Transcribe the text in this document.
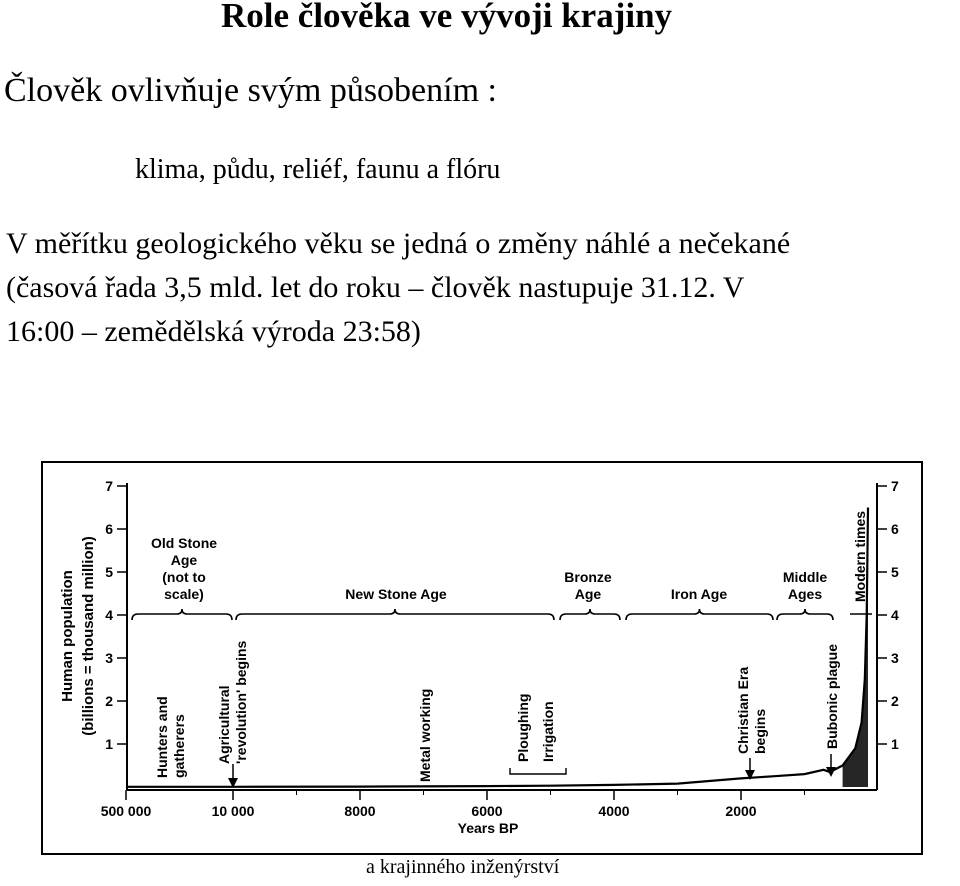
Role člověka ve vývoji krajiny
Člověk ovlivňuje svým působením :
klima, půdu, reliéf, faunu a flóru
V měřítku geologického věku se jedná o změny náhlé a nečekané
(časová řada 3,5 mld. let do roku – člověk nastupuje 31.12. V
16:00 – zemědělská výroda 23:58)
1	1
2	2
3	3
4	4
5	5
6	6
7	7
500 000	10 000	8000	6000	4000	2000
Old Stone
Age
(not to
scale)	New Stone Age
Bronze
Age	Iron Age
Middle
Ages Modern times
Hunters and gatherers Agricultural 'revolution' begins	Metal working	Ploughing Irrigation	Christian Era begins	Bubonic plague
Human population (billions = thousand million)
Years BP
a krajinného inženýrství
